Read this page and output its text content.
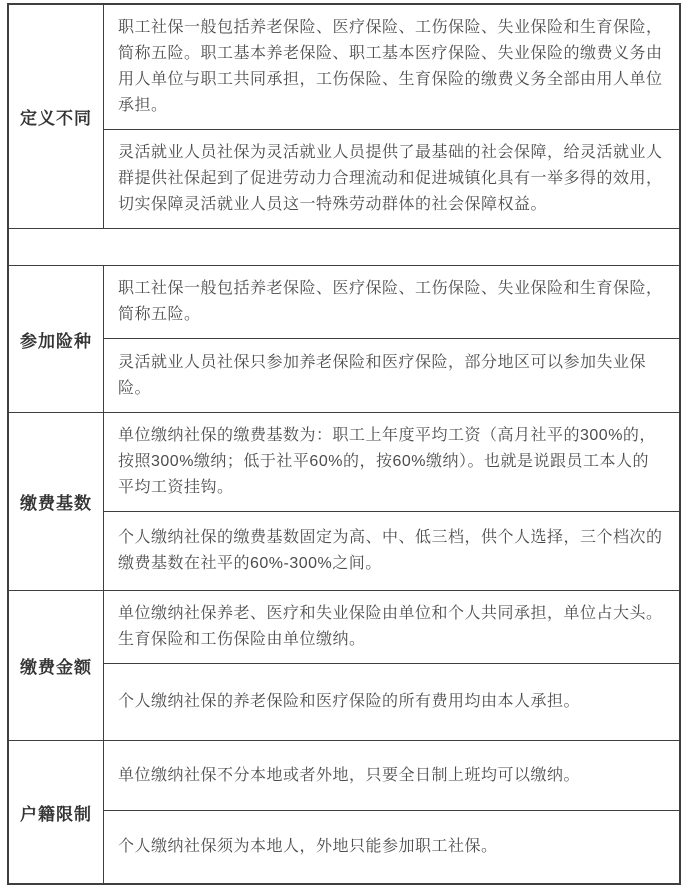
定义不同

职工社保一般包括养老保险、医疗保险、工伤保险、失业保险和生育保险，简称五险。职工基本养老保险、职工基本医疗保险、失业保险的缴费义务由用人单位与职工共同承担，工伤保险、生育保险的缴费义务全部由用人单位承担。

灵活就业人员社保为灵活就业人员提供了最基础的社会保障，给灵活就业人群提供社保起到了促进劳动力合理流动和促进城镇化具有一举多得的效用，切实保障灵活就业人员这一特殊劳动群体的社会保障权益。

参加险种

职工社保一般包括养老保险、医疗保险、工伤保险、失业保险和生育保险，简称五险。

灵活就业人员社保只参加养老保险和医疗保险，部分地区可以参加失业保险。

缴费基数

单位缴纳社保的缴费基数为：职工上年度平均工资（高月社平的300%的，按照300%缴纳；低于社平60%的，按60%缴纳）。也就是说跟员工本人的平均工资挂钩。

个人缴纳社保的缴费基数固定为高、中、低三档，供个人选择，三个档次的缴费基数在社平的60%-300%之间。

缴费金额

单位缴纳社保养老、医疗和失业保险由单位和个人共同承担，单位占大头。生育保险和工伤保险由单位缴纳。

个人缴纳社保的养老保险和医疗保险的所有费用均由本人承担。

户籍限制

单位缴纳社保不分本地或者外地，只要全日制上班均可以缴纳。

个人缴纳社保须为本地人，外地只能参加职工社保。
